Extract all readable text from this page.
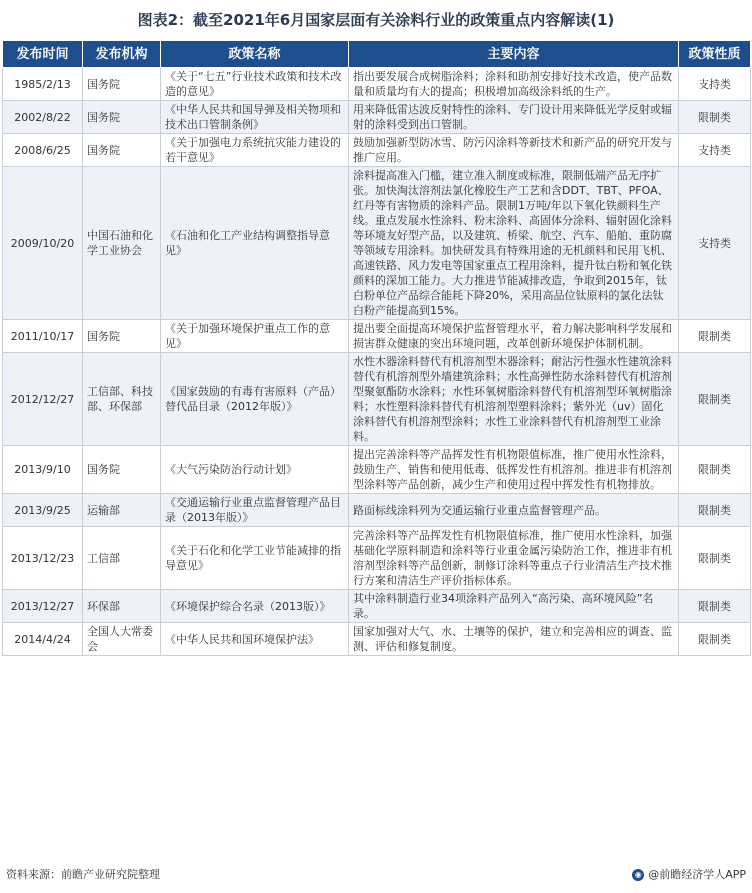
图表2：截至2021年6月国家层面有关涂料行业的政策重点内容解读(1)
发布时间	发布机构	政策名称	主要内容	政策性质
1985/2/13	国务院	《关于“七五”行业技术政策和技术改造的意见》	指出要发展合成树脂涂料；涂料和助剂安排好技术改造，使产品数量和质量均有大的提高；积极增加高级涂料纸的生产。	支持类
2002/8/22	国务院	《中华人民共和国导弹及相关物项和技术出口管制条例》	用来降低雷达波反射特性的涂料、专门设计用来降低光学反射或辐射的涂料受到出口管制。	限制类
2008/6/25	国务院	《关于加强电力系统抗灾能力建设的若干意见》	鼓励加强新型防冰雪、防污闪涂料等新技术和新产品的研究开发与推广应用。	支持类
2009/10/20	中国石油和化学工业协会	《石油和化工产业结构调整指导意见》	涂料提高准入门槛，建立准入制度或标准，限制低端产品无序扩张。加快淘汰溶剂法氯化橡胶生产工艺和含DDT、TBT、PFOA、红丹等有害物质的涂料产品。限制1万吨/年以下氧化铁颜料生产线。重点发展水性涂料、粉末涂料、高固体分涂料、辐射固化涂料等环境友好型产品，以及建筑、桥梁、航空、汽车、船舶、重防腐等领域专用涂料。加快研发具有特殊用途的无机颜料和民用飞机、高速铁路、风力发电等国家重点工程用涂料，提升钛白粉和氧化铁颜料的深加工能力。大力推进节能减排改造，争取到2015年，钛白粉单位产品综合能耗下降20%，采用高品位钛原料的氯化法钛白粉产能提高到15%。	支持类
2011/10/17	国务院	《关于加强环境保护重点工作的意见》	提出要全面提高环境保护监督管理水平，着力解决影响科学发展和损害群众健康的突出环境问题，改革创新环境保护体制机制。	限制类
2012/12/27	工信部、科技部、环保部	《国家鼓励的有毒有害原料（产品）替代品目录（2012年版）》	水性木器涂料替代有机溶剂型木器涂料；耐沾污性强水性建筑涂料替代有机溶剂型外墙建筑涂料；水性高弹性防水涂料替代有机溶剂型聚氨酯防水涂料；水性环氧树脂涂料替代有机溶剂型环氧树脂涂料；水性塑料涂料替代有机溶剂型塑料涂料；紫外光（uv）固化涂料替代有机溶剂型涂料；水性工业涂料替代有机溶剂型工业涂料。	限制类
2013/9/10	国务院	《大气污染防治行动计划》	提出完善涂料等产品挥发性有机物限值标准，推广使用水性涂料，鼓励生产、销售和使用低毒、低挥发性有机溶剂。推进非有机溶剂型涂料等产品创新，减少生产和使用过程中挥发性有机物排放。	限制类
2013/9/25	运输部	《交通运输行业重点监督管理产品目录（2013年版）》	路面标线涂料列为交通运输行业重点监督管理产品。	限制类
2013/12/23	工信部	《关于石化和化学工业节能减排的指导意见》	完善涂料等产品挥发性有机物限值标准，推广使用水性涂料，加强基础化学原料制造和涂料等行业重金属污染防治工作，推进非有机溶剂型涂料等产品创新，制修订涂料等重点子行业清洁生产技术推行方案和清洁生产评价指标体系。	限制类
2013/12/27	环保部	《环境保护综合名录（2013版）》	其中涂料制造行业34项涂料产品列入“高污染、高环境风险”名录。	限制类
2014/4/24	全国人大常委会	《中华人民共和国环境保护法》	国家加强对大气、水、土壤等的保护，建立和完善相应的调查、监测、评估和修复制度。	限制类
资料来源：前瞻产业研究院整理	◉ @前瞻经济学人APP
